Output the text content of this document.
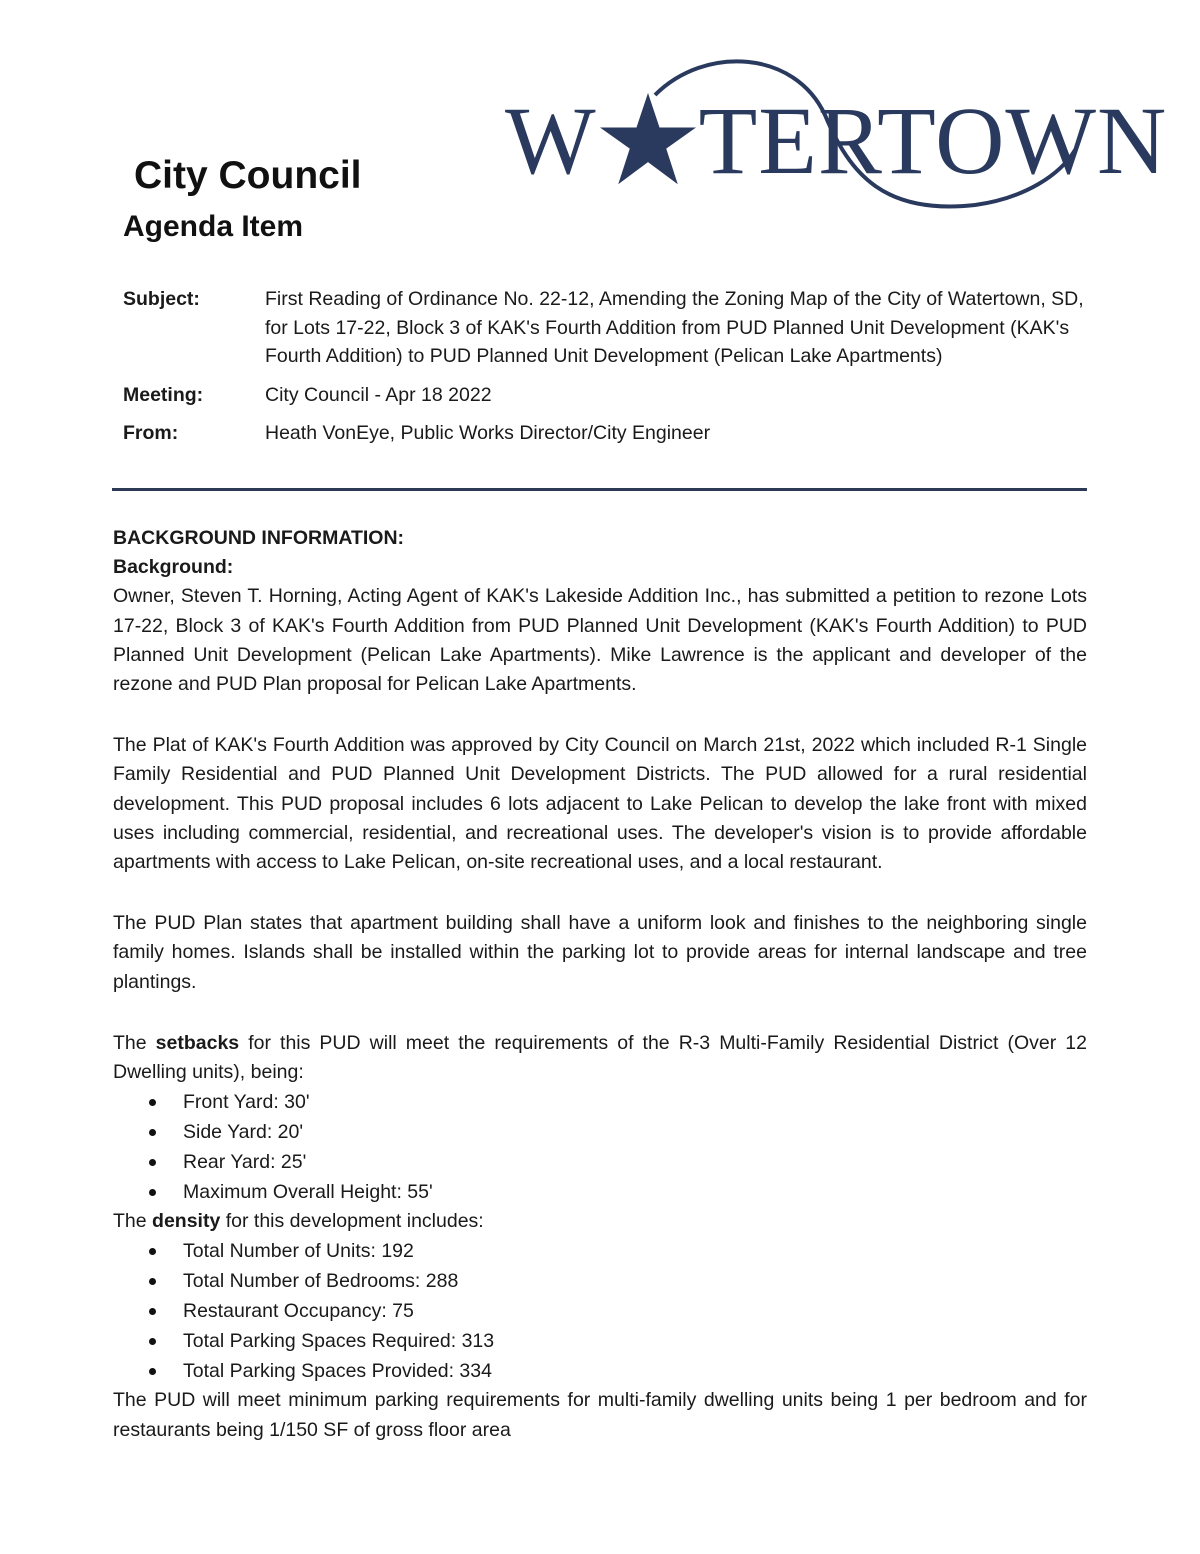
W TERTOWN
City Council
Agenda Item
Subject:	First Reading of Ordinance No. 22-12, Amending the Zoning Map of the City of Watertown, SD, for Lots 17-22, Block 3 of KAK's Fourth Addition from PUD Planned Unit Development (KAK's Fourth Addition) to PUD Planned Unit Development (Pelican Lake Apartments)
Meeting:	City Council - Apr 18 2022
From:	Heath VonEye, Public Works Director/City Engineer
BACKGROUND INFORMATION:
Background:

Owner, Steven T. Horning, Acting Agent of KAK's Lakeside Addition Inc., has submitted a petition to rezone Lots 17-22, Block 3 of KAK's Fourth Addition from PUD Planned Unit Development (KAK's Fourth Addition) to PUD Planned Unit Development (Pelican Lake Apartments). Mike Lawrence is the applicant and developer of the rezone and PUD Plan proposal for Pelican Lake Apartments.

The Plat of KAK's Fourth Addition was approved by City Council on March 21st, 2022 which included R-1 Single Family Residential and PUD Planned Unit Development Districts. The PUD allowed for a rural residential development. This PUD proposal includes 6 lots adjacent to Lake Pelican to develop the lake front with mixed uses including commercial, residential, and recreational uses. The developer's vision is to provide affordable apartments with access to Lake Pelican, on-site recreational uses, and a local restaurant.

The PUD Plan states that apartment building shall have a uniform look and finishes to the neighboring single family homes. Islands shall be installed within the parking lot to provide areas for internal landscape and tree plantings.

The setbacks for this PUD will meet the requirements of the R-3 Multi-Family Residential District (Over 12 Dwelling units), being:

Front Yard: 30'
Side Yard: 20'
Rear Yard: 25'
Maximum Overall Height: 55'

The density for this development includes:

Total Number of Units: 192
Total Number of Bedrooms: 288
Restaurant Occupancy: 75
Total Parking Spaces Required: 313
Total Parking Spaces Provided: 334

The PUD will meet minimum parking requirements for multi-family dwelling units being 1 per bedroom and for restaurants being 1/150 SF of gross floor area
